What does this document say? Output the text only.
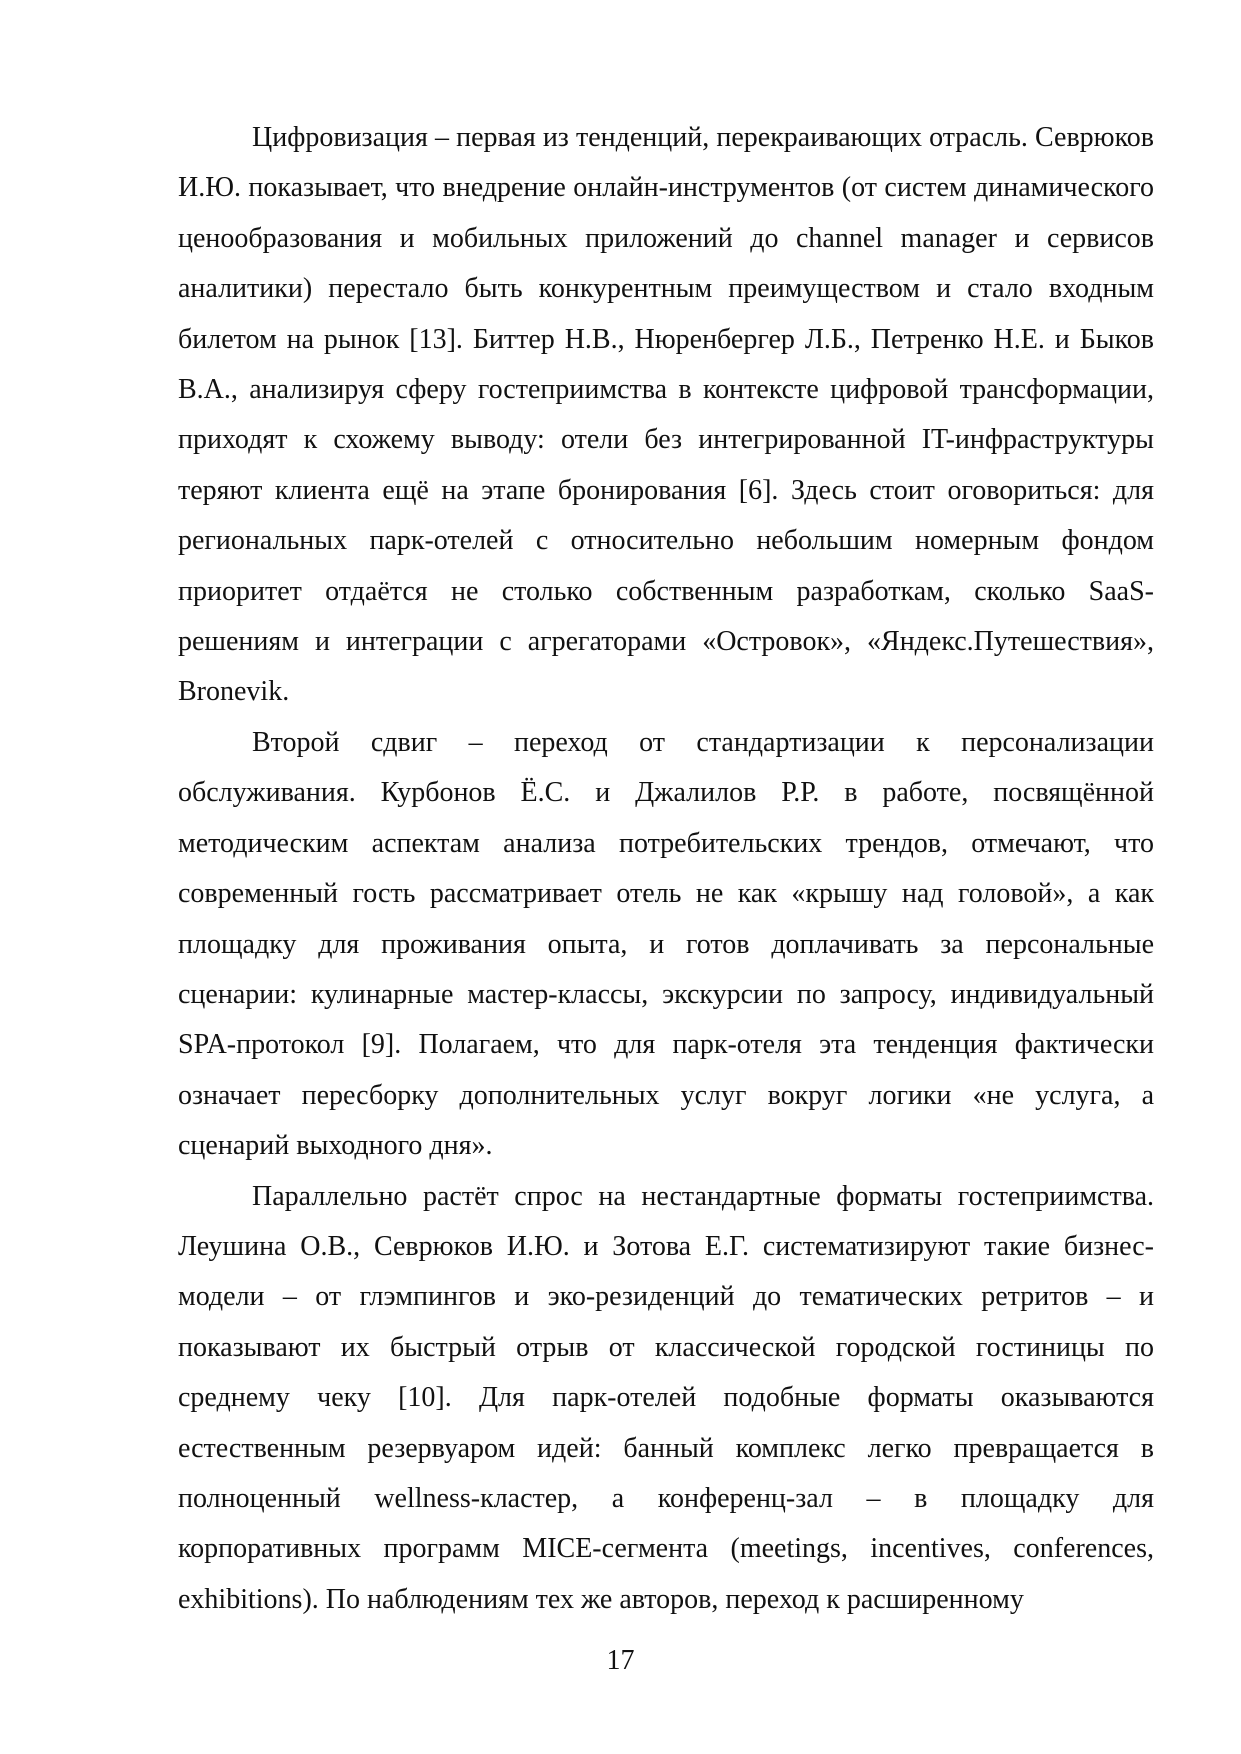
Цифровизация – первая из тенденций, перекраивающих отрасль. Севрюков И.Ю. показывает, что внедрение онлайн-инструментов (от систем динамического ценообразования и мобильных приложений до channel manager и сервисов аналитики) перестало быть конкурентным преимуществом и стало входным билетом на рынок [13]. Биттер Н.В., Нюренбергер Л.Б., Петренко Н.Е. и Быков В.А., анализируя сферу гостеприимства в контексте цифровой трансформации, приходят к схожему выводу: отели без интегрированной IT-инфраструктуры теряют клиента ещё на этапе бронирования [6]. Здесь стоит оговориться: для региональных парк-отелей с относительно небольшим номерным фондом приоритет отдаётся не столько собственным разработкам, сколько SaaS-решениям и интеграции с агрегаторами «Островок», «Яндекс.Путешествия», Bronevik.

Второй сдвиг – переход от стандартизации к персонализации обслуживания. Курбонов Ё.С. и Джалилов Р.Р. в работе, посвящённой методическим аспектам анализа потребительских трендов, отмечают, что современный гость рассматривает отель не как «крышу над головой», а как площадку для проживания опыта, и готов доплачивать за персональные сценарии: кулинарные мастер-классы, экскурсии по запросу, индивидуальный SPA-протокол [9]. Полагаем, что для парк-отеля эта тенденция фактически означает пересборку дополнительных услуг вокруг логики «не услуга, а сценарий выходного дня».

Параллельно растёт спрос на нестандартные форматы гостеприимства. Леушина О.В., Севрюков И.Ю. и Зотова Е.Г. систематизируют такие бизнес-модели – от глэмпингов и эко-резиденций до тематических ретритов – и показывают их быстрый отрыв от классической городской гостиницы по среднему чеку [10]. Для парк-отелей подобные форматы оказываются естественным резервуаром идей: банный комплекс легко превращается в полноценный wellness-кластер, а конференц-зал – в площадку для корпоративных программ MICE-сегмента (meetings, incentives, conferences, exhibitions). По наблюдениям тех же авторов, переход к расширенному

17
